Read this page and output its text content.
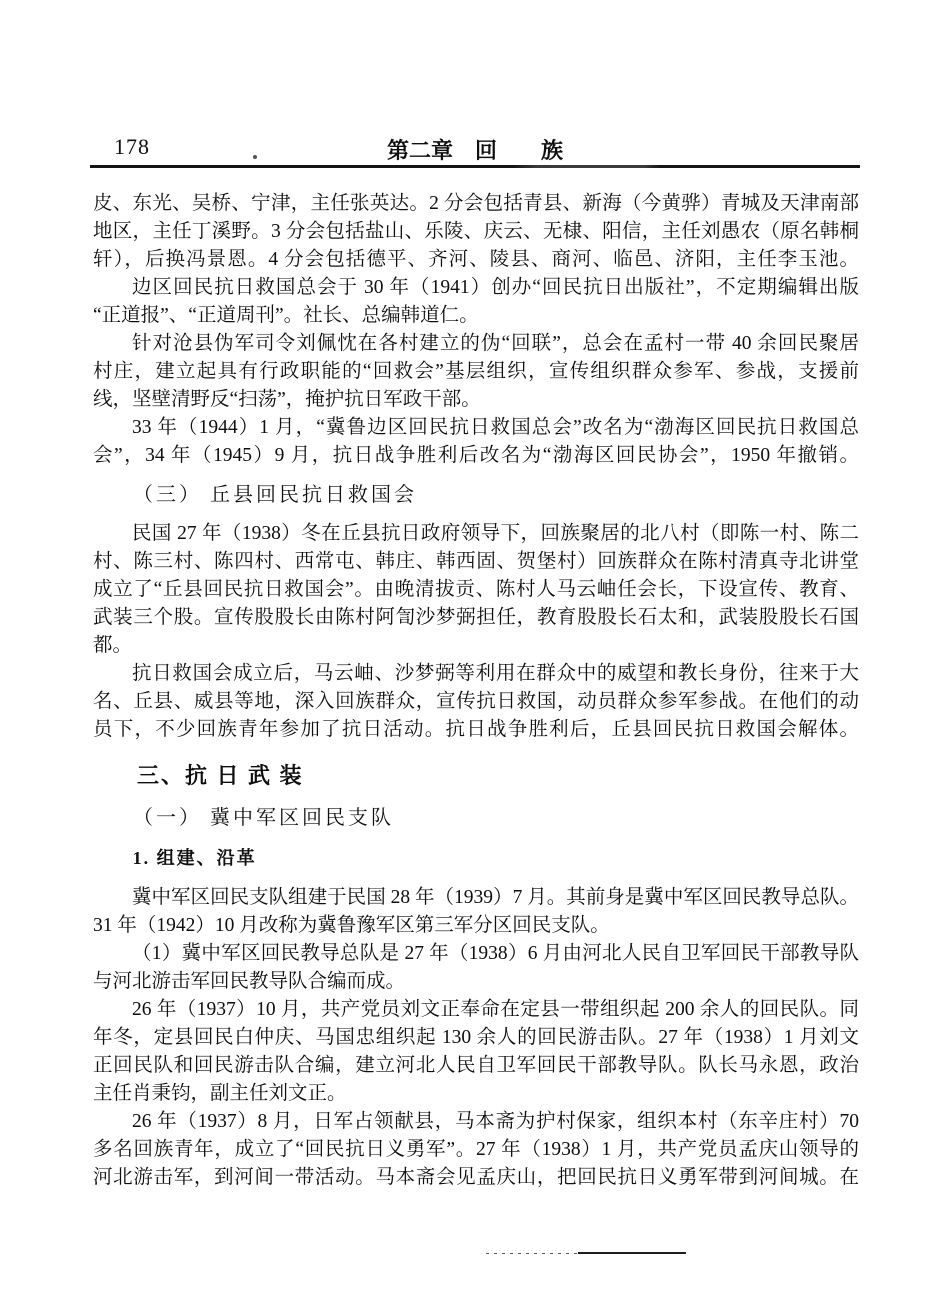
178	第二章　回　　族
皮、东光、吴桥、宁津，主任张英达。2 分会包括青县、新海（今黄骅）青城及天津南部
地区，主任丁溪野。3 分会包括盐山、乐陵、庆云、无棣、阳信，主任刘愚农（原名韩桐
轩），后换冯景恩。4 分会包括德平、齐河、陵县、商河、临邑、济阳，主任李玉池。
边区回民抗日救国总会于 30 年（1941）创办“回民抗日出版社”，不定期编辑出版
“正道报”、“正道周刊”。社长、总编韩道仁。
针对沧县伪军司令刘佩忱在各村建立的伪“回联”，总会在孟村一带 40 余回民聚居
村庄，建立起具有行政职能的“回救会”基层组织，宣传组织群众参军、参战，支援前
线，坚壁清野反“扫荡”，掩护抗日军政干部。
33 年（1944）1 月，“冀鲁边区回民抗日救国总会”改名为“渤海区回民抗日救国总
会”，34 年（1945）9 月，抗日战争胜利后改名为“渤海区回民协会”，1950 年撤销。
（三） 丘县回民抗日救国会
民国 27 年（1938）冬在丘县抗日政府领导下，回族聚居的北八村（即陈一村、陈二
村、陈三村、陈四村、西常屯、韩庄、韩西固、贺堡村）回族群众在陈村清真寺北讲堂
成立了“丘县回民抗日救国会”。由晚清拔贡、陈村人马云岫任会长，下设宣传、教育、
武装三个股。宣传股股长由陈村阿訇沙梦弼担任，教育股股长石太和，武装股股长石国
都。
抗日救国会成立后，马云岫、沙梦弼等利用在群众中的威望和教长身份，往来于大
名、丘县、威县等地，深入回族群众，宣传抗日救国，动员群众参军参战。在他们的动
员下，不少回族青年参加了抗日活动。抗日战争胜利后，丘县回民抗日救国会解体。
三、抗 日 武 装
（一） 冀中军区回民支队
1. 组建、沿革
冀中军区回民支队组建于民国 28 年（1939）7 月。其前身是冀中军区回民教导总队。
31 年（1942）10 月改称为冀鲁豫军区第三军分区回民支队。
（1）冀中军区回民教导总队是 27 年（1938）6 月由河北人民自卫军回民干部教导队
与河北游击军回民教导队合编而成。
26 年（1937）10 月，共产党员刘文正奉命在定县一带组织起 200 余人的回民队。同
年冬，定县回民白仲庆、马国忠组织起 130 余人的回民游击队。27 年（1938）1 月刘文
正回民队和回民游击队合编，建立河北人民自卫军回民干部教导队。队长马永恩，政治
主任肖秉钧，副主任刘文正。
26 年（1937）8 月，日军占领献县，马本斋为护村保家，组织本村（东辛庄村）70
多名回族青年，成立了“回民抗日义勇军”。27 年（1938）1 月，共产党员孟庆山领导的
河北游击军，到河间一带活动。马本斋会见孟庆山，把回民抗日义勇军带到河间城。在
